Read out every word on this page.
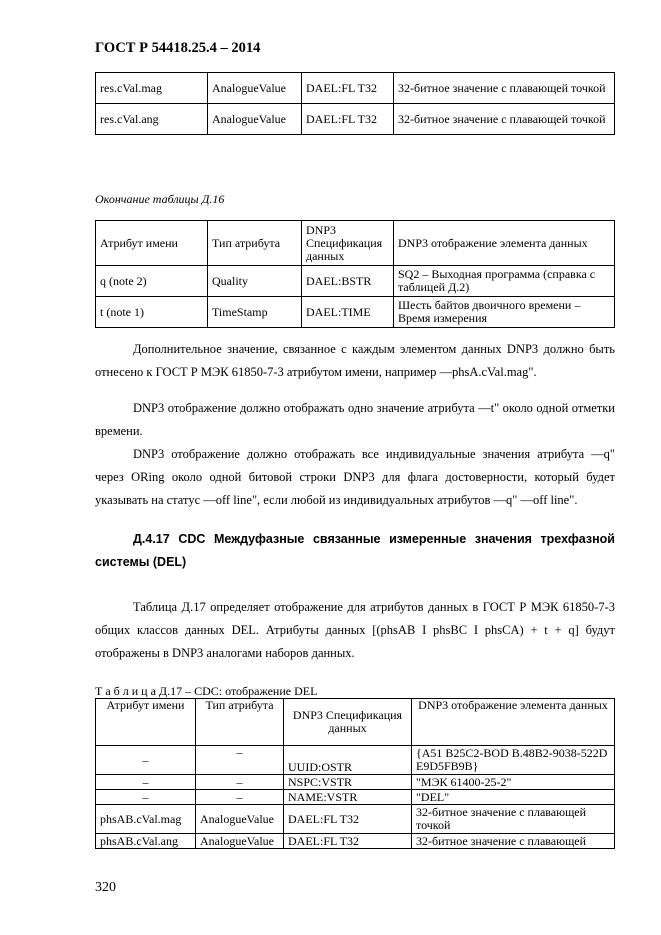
ГОСТ Р 54418.25.4 – 2014
res.cVal.mag	AnalogueValue	DAEL:FL T32	32-битное значение с плавающей точкой
res.cVal.ang	AnalogueValue	DAEL:FL T32	32-битное значение с плавающей точкой
Окончание таблицы Д.16
Атрибут имени	Тип атрибута	DNP3 Спецификация данных	DNP3 отображение элемента данных
q (note 2)	Quality	DAEL:BSTR	SQ2 – Выходная программа (справка с таблицей Д.2)
t (note 1)	TimeStamp	DAEL:TIME	Шесть байтов двоичного времени – Время измерения

Дополнительное значение, связанное с каждым элементом данных DNP3 должно быть отнесено к ГОСТ Р МЭК 61850-7-3 атрибутом имени, например ―phsA.cVal.mag".

DNP3 отображение должно отображать одно значение атрибута ―t" около одной отметки времени.

DNP3 отображение должно отображать все индивидуальные значения атрибута ―q" через ORing около одной битовой строки DNP3 для флага достоверности, который будет указывать на статус ―off line", если любой из индивидуальных атрибутов ―q" ―off line".

Д.4.17 CDC Междуфазные связанные измеренные значения трехфазной системы (DEL)

Таблица Д.17 определяет отображение для атрибутов данных в ГОСТ Р МЭК 61850-7-3 общих классов данных DEL. Атрибуты данных [(phsAB I phsBC I phsCA) + t + q] будут отображены в DNP3 аналогами наборов данных.

Т а б л и ц а Д.17 – CDC: отображение DEL
Атрибут имени	Тип атрибута	DNP3 Спецификация данных	DNP3 отображение элемента данных
–	–	UUID:OSTR	{A51 B25C2-BOD B.48B2-9038-522D E9D5FB9B}
–	–	NSPC:VSTR	"МЭК 61400-25-2"
–	–	NAME:VSTR	"DEL"
phsAB.cVal.mag	AnalogueValue	DAEL:FL T32	32-битное значение с плавающей точкой
phsAB.cVal.ang	AnalogueValue	DAEL:FL T32	32-битное значение с плавающей
320
